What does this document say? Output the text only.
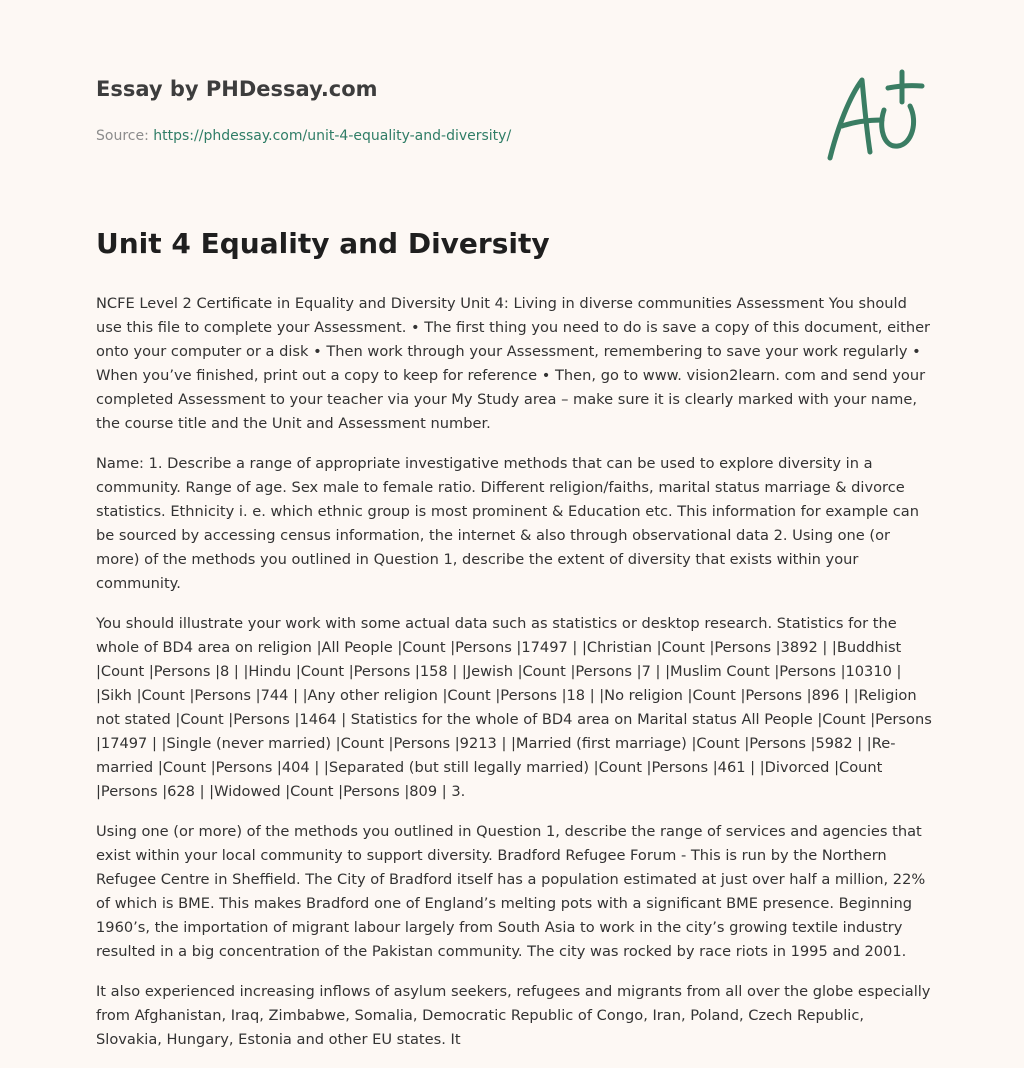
Essay by PHDessay.com

Source: https://phdessay.com/unit-4-equality-and-diversity/
Unit 4 Equality and Diversity

NCFE Level 2 Certificate in Equality and Diversity Unit 4: Living in diverse communities Assessment You should use this file to complete your Assessment. • The first thing you need to do is save a copy of this document, either onto your computer or a disk • Then work through your Assessment, remembering to save your work regularly • When you’ve finished, print out a copy to keep for reference • Then, go to www. vision2learn. com and send your completed Assessment to your teacher via your My Study area – make sure it is clearly marked with your name, the course title and the Unit and Assessment number.

Name: 1. Describe a range of appropriate investigative methods that can be used to explore diversity in a community. Range of age. Sex male to female ratio. Different religion/faiths, marital status marriage & divorce statistics. Ethnicity i. e. which ethnic group is most prominent & Education etc. This information for example can be sourced by accessing census information, the internet & also through observational data 2. Using one (or more) of the methods you outlined in Question 1, describe the extent of diversity that exists within your community.

You should illustrate your work with some actual data such as statistics or desktop research. Statistics for the whole of BD4 area on religion |All People |Count |Persons |17497 | |Christian |Count |Persons |3892 | |Buddhist |Count |Persons |8 | |Hindu |Count |Persons |158 | |Jewish |Count |Persons |7 | |Muslim Count |Persons |10310 | |Sikh |Count |Persons |744 | |Any other religion |Count |Persons |18 | |No religion |Count |Persons |896 | |Religion not stated |Count |Persons |1464 | Statistics for the whole of BD4 area on Marital status All People |Count |Persons |17497 | |Single (never married) |Count |Persons |9213 | |Married (first marriage) |Count |Persons |5982 | |Re-married |Count |Persons |404 | |Separated (but still legally married) |Count |Persons |461 | |Divorced |Count |Persons |628 | |Widowed |Count |Persons |809 | 3.

Using one (or more) of the methods you outlined in Question 1, describe the range of services and agencies that exist within your local community to support diversity. Bradford Refugee Forum - This is run by the Northern Refugee Centre in Sheffield. The City of Bradford itself has a population estimated at just over half a million, 22% of which is BME. This makes Bradford one of England’s melting pots with a significant BME presence. Beginning 1960’s, the importation of migrant labour largely from South Asia to work in the city’s growing textile industry resulted in a big concentration of the Pakistan community. The city was rocked by race riots in 1995 and 2001.

It also experienced increasing inflows of asylum seekers, refugees and migrants from all over the globe especially from Afghanistan, Iraq, Zimbabwe, Somalia, Democratic Republic of Congo, Iran, Poland, Czech Republic, Slovakia, Hungary, Estonia and other EU states. It
